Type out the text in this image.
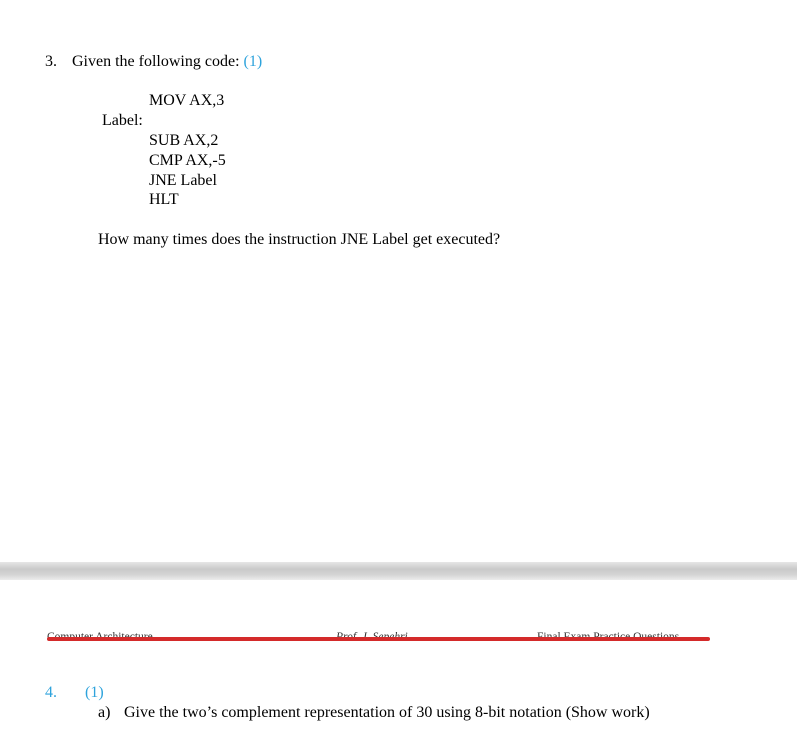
3. Given the following code: (1)
MOV AX,3
Label:
SUB AX,2
CMP AX,-5
JNE Label
HLT
How many times does the instruction JNE Label get executed?
4. (1)
a) Give the two’s complement representation of 30 using 8-bit notation (Show work)
